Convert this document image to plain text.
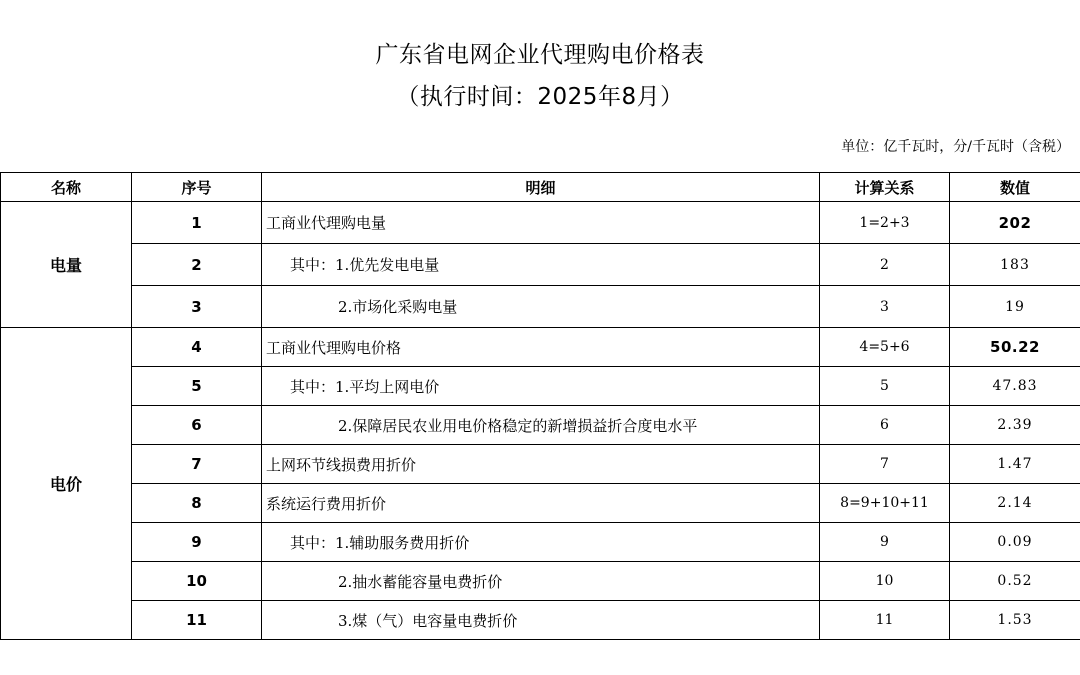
广东省电网企业代理购电价格表
（执行时间：2025年8月）
单位：亿千瓦时，分/千瓦时（含税）
名称	序号	明细	计算关系	数值
电量	1	工商业代理购电量	1=2+3	202
	2	其中：1.优先发电电量	2	183
	3	2.市场化采购电量	3	19
电价	4	工商业代理购电价格	4=5+6	50.22
	5	其中：1.平均上网电价	5	47.83
	6	2.保障居民农业用电价格稳定的新增损益折合度电水平	6	2.39
	7	上网环节线损费用折价	7	1.47
	8	系统运行费用折价	8=9+10+11	2.14
	9	其中：1.辅助服务费用折价	9	0.09
	10	2.抽水蓄能容量电费折价	10	0.52
	11	3.煤（气）电容量电费折价	11	1.53
